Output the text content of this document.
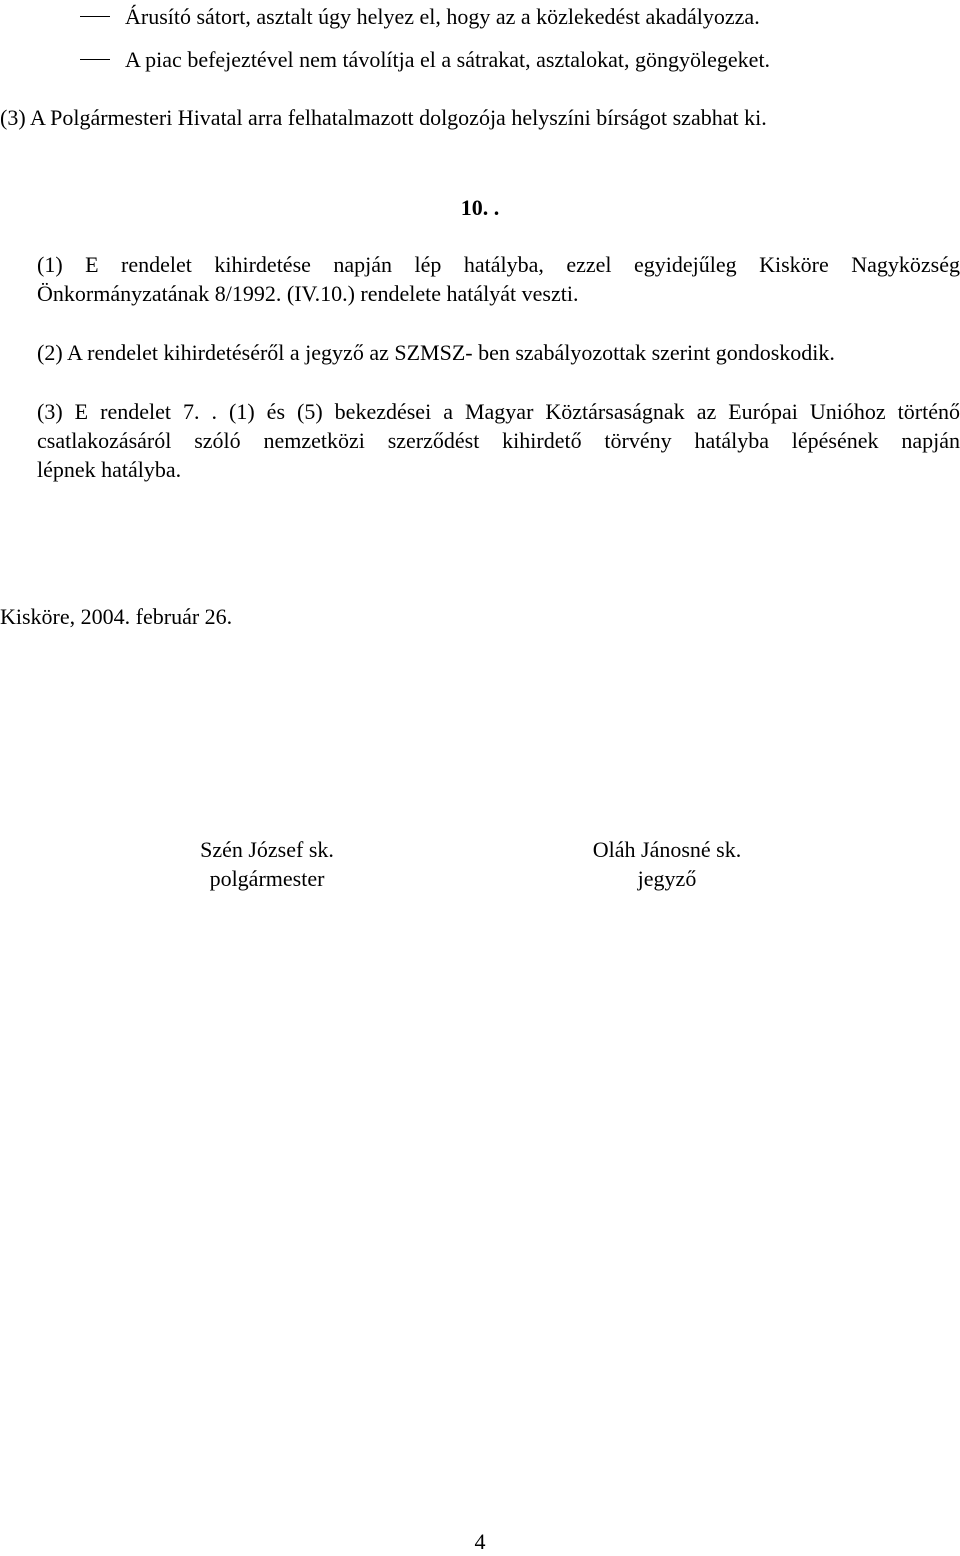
Árusító sátort, asztalt úgy helyez el, hogy az a közlekedést akadályozza.
A piac befejeztével nem távolítja el a sátrakat, asztalokat, göngyölegeket.
(3) A Polgármesteri Hivatal arra felhatalmazott dolgozója helyszíni bírságot szabhat ki.
10. .
(1) E rendelet kihirdetése napján lép hatályba, ezzel egyidejűleg Kisköre Nagyközség
Önkormányzatának 8/1992. (IV.10.) rendelete hatályát veszti.
(2) A rendelet kihirdetéséről a jegyző az SZMSZ- ben szabályozottak szerint gondoskodik.
(3) E rendelet 7. . (1) és (5) bekezdései a Magyar Köztársaságnak az Európai Unióhoz történő
csatlakozásáról szóló nemzetközi szerződést kihirdető törvény hatályba lépésének napján
lépnek hatályba.
Kisköre, 2004. február 26.
Szén József sk.
polgármester
Oláh Jánosné sk.
jegyző
4
